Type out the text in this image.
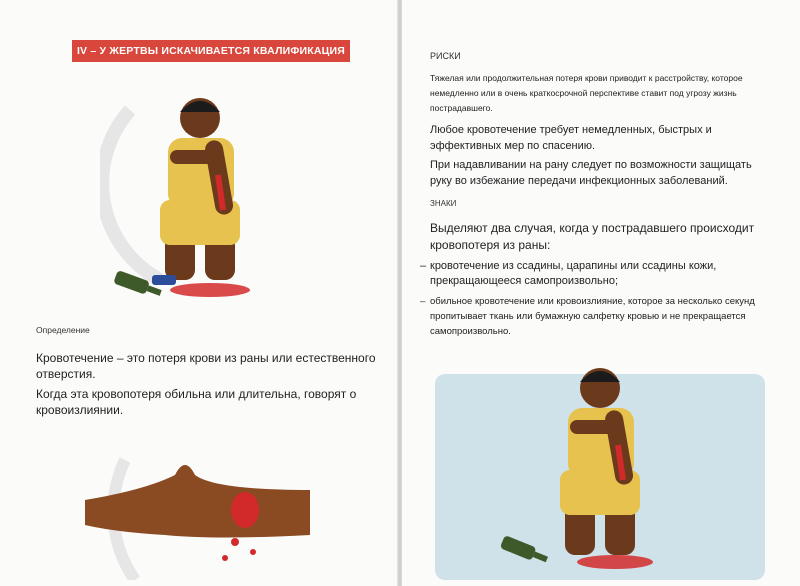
IV – У ЖЕРТВЫ ИСКАЧИВАЕТСЯ КВАЛИФИКАЦИЯ
Определение

Кровотечение – это потеря крови из раны или естественного отверстия.

Когда эта кровопотеря обильна или длительна, говорят о кровоизлиянии.

РИСКИ

Тяжелая или продолжительная потеря крови приводит к расстройству, которое немедленно или в очень краткосрочной перспективе ставит под угрозу жизнь пострадавшего.

Любое кровотечение требует немедленных, быстрых и эффективных мер по спасению.

При надавливании на рану следует по возможности защищать руку во избежание передачи инфекционных заболеваний.

ЗНАКИ

Выделяют два случая, когда у пострадавшего происходит кровопотеря из раны:

– кровотечение из ссадины, царапины или ссадины кожи, прекращающееся самопроизвольно;

– обильное кровотечение или кровоизлияние, которое за несколько секунд пропитывает ткань или бумажную салфетку кровью и не прекращается самопроизвольно.
